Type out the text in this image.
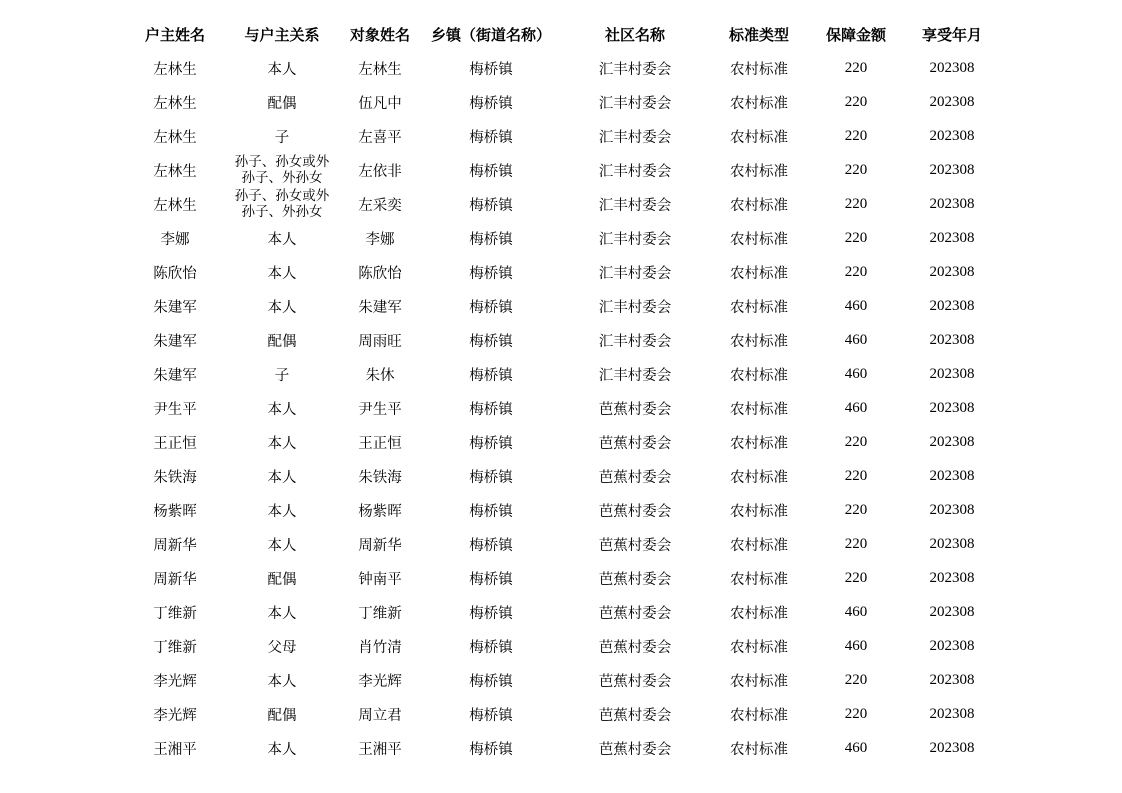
户主姓名	与户主关系	对象姓名	乡镇（街道名称）	社区名称	标准类型	保障金额	享受年月
左林生	本人	左林生	梅桥镇	汇丰村委会	农村标准	220	202308
左林生	配偶	伍凡中	梅桥镇	汇丰村委会	农村标准	220	202308
左林生	子	左喜平	梅桥镇	汇丰村委会	农村标准	220	202308
左林生	孙子、孙女或外孙子、外孙女	左依非	梅桥镇	汇丰村委会	农村标准	220	202308
左林生	孙子、孙女或外孙子、外孙女	左采奕	梅桥镇	汇丰村委会	农村标准	220	202308
李娜	本人	李娜	梅桥镇	汇丰村委会	农村标准	220	202308
陈欣怡	本人	陈欣怡	梅桥镇	汇丰村委会	农村标准	220	202308
朱建军	本人	朱建军	梅桥镇	汇丰村委会	农村标准	460	202308
朱建军	配偶	周雨旺	梅桥镇	汇丰村委会	农村标准	460	202308
朱建军	子	朱休	梅桥镇	汇丰村委会	农村标准	460	202308
尹生平	本人	尹生平	梅桥镇	芭蕉村委会	农村标准	460	202308
王正恒	本人	王正恒	梅桥镇	芭蕉村委会	农村标准	220	202308
朱铁海	本人	朱铁海	梅桥镇	芭蕉村委会	农村标准	220	202308
杨紫晖	本人	杨紫晖	梅桥镇	芭蕉村委会	农村标准	220	202308
周新华	本人	周新华	梅桥镇	芭蕉村委会	农村标准	220	202308
周新华	配偶	钟南平	梅桥镇	芭蕉村委会	农村标准	220	202308
丁维新	本人	丁维新	梅桥镇	芭蕉村委会	农村标准	460	202308
丁维新	父母	肖竹清	梅桥镇	芭蕉村委会	农村标准	460	202308
李光辉	本人	李光辉	梅桥镇	芭蕉村委会	农村标准	220	202308
李光辉	配偶	周立君	梅桥镇	芭蕉村委会	农村标准	220	202308
王湘平	本人	王湘平	梅桥镇	芭蕉村委会	农村标准	460	202308
